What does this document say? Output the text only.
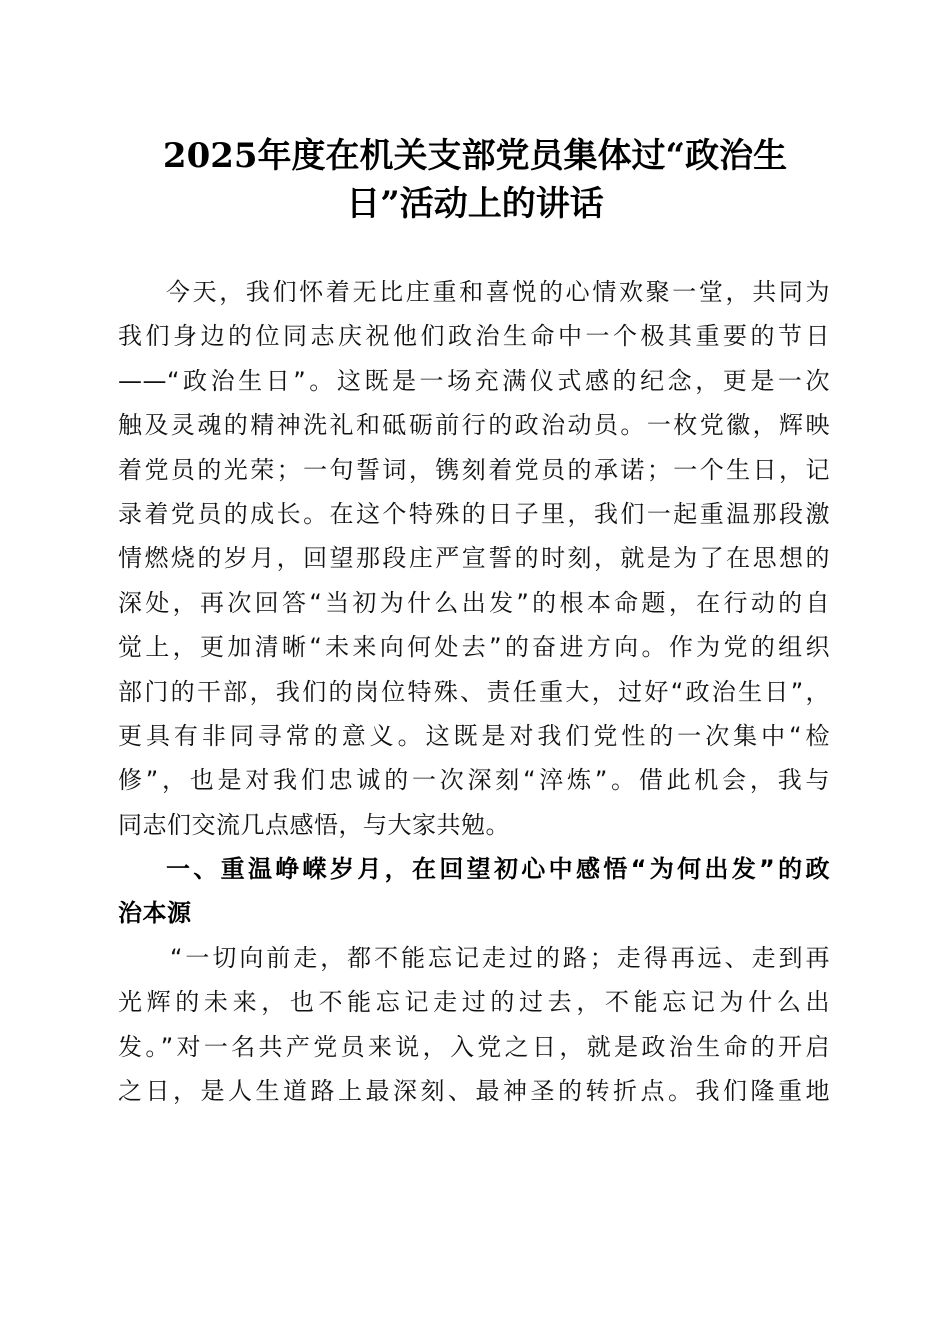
2025年度在机关支部党员集体过“政治生
日”活动上的讲话
今天，我们怀着无比庄重和喜悦的心情欢聚一堂，共同为
我们身边的位同志庆祝他们政治生命中一个极其重要的节日
——“政治生日”。这既是一场充满仪式感的纪念，更是一次
触及灵魂的精神洗礼和砥砺前行的政治动员。一枚党徽，辉映
着党员的光荣；一句誓词，镌刻着党员的承诺；一个生日，记
录着党员的成长。在这个特殊的日子里，我们一起重温那段激
情燃烧的岁月，回望那段庄严宣誓的时刻，就是为了在思想的
深处，再次回答“当初为什么出发”的根本命题，在行动的自
觉上，更加清晰“未来向何处去”的奋进方向。作为党的组织
部门的干部，我们的岗位特殊、责任重大，过好“政治生日”，
更具有非同寻常的意义。这既是对我们党性的一次集中“检
修”，也是对我们忠诚的一次深刻“淬炼”。借此机会，我与
同志们交流几点感悟，与大家共勉。
一、重温峥嵘岁月，在回望初心中感悟“为何出发”的政
治本源
“一切向前走，都不能忘记走过的路；走得再远、走到再
光辉的未来，也不能忘记走过的过去，不能忘记为什么出
发。”对一名共产党员来说，入党之日，就是政治生命的开启
之日，是人生道路上最深刻、最神圣的转折点。我们隆重地
